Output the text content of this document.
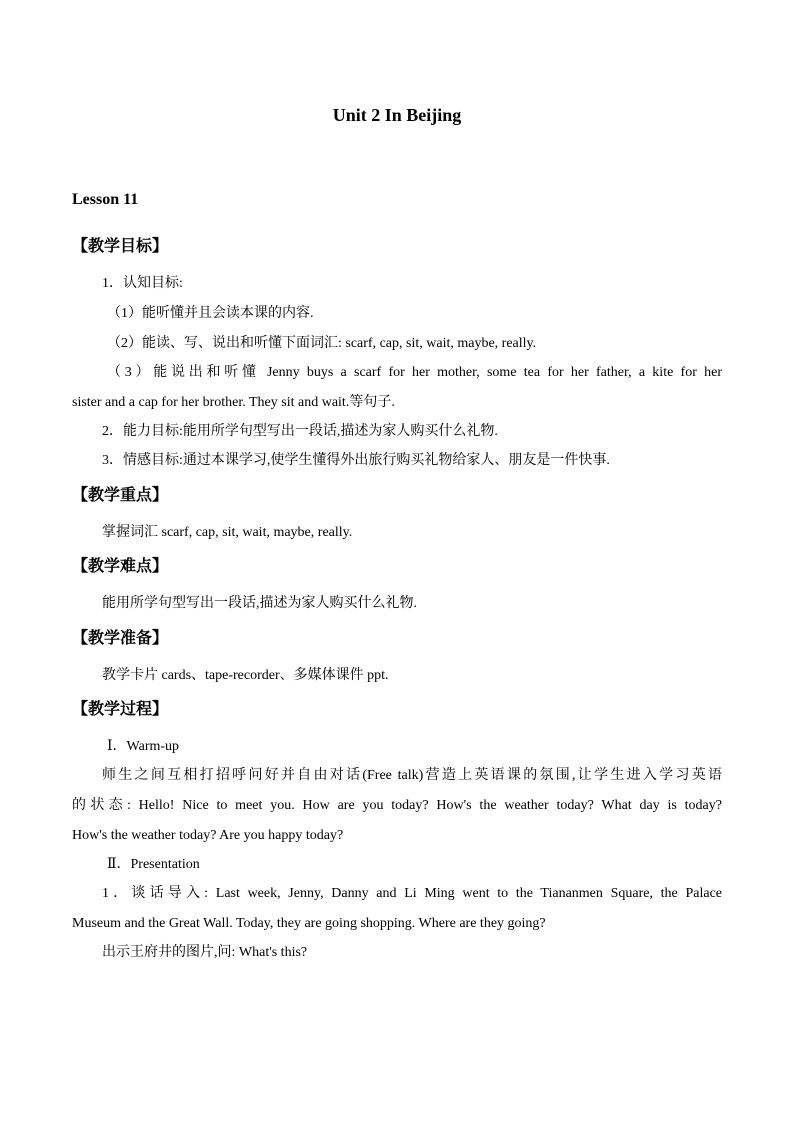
Unit 2 In Beijing
Lesson 11
【教学目标】
1．认知目标:
（1）能听懂并且会读本课的内容.
（2）能读、写、说出和听懂下面词汇: scarf, cap, sit, wait, maybe, really.
（3）能说出和听懂 Jenny buys a scarf for her mother, some tea for her father, a kite for her
sister and a cap for her brother. They sit and wait.等句子.
2．能力目标:能用所学句型写出一段话,描述为家人购买什么礼物.
3．情感目标:通过本课学习,使学生懂得外出旅行购买礼物给家人、朋友是一件快事.
【教学重点】
掌握词汇 scarf, cap, sit, wait, maybe, really.
【教学难点】
能用所学句型写出一段话,描述为家人购买什么礼物.
【教学准备】
教学卡片 cards、tape-recorder、多媒体课件 ppt.
【教学过程】
Ⅰ．Warm-up
师生之间互相打招呼问好并自由对话(Free talk)营造上英语课的氛围,让学生进入学习英语
的状态: Hello! Nice to meet you. How are you today? How's the weather today? What day is today?
How's the weather today? Are you happy today?
Ⅱ．Presentation
1．谈话导入: Last week, Jenny, Danny and Li Ming went to the Tiananmen Square, the Palace
Museum and the Great Wall. Today, they are going shopping. Where are they going?
出示王府井的图片,问: What's this?
